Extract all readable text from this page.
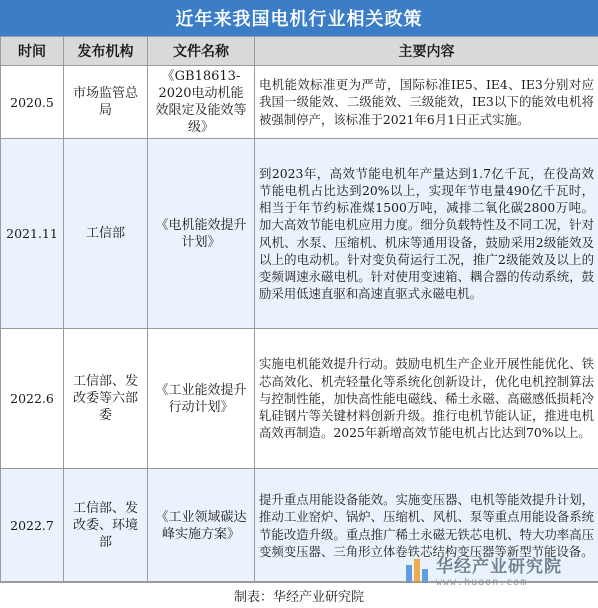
近年来我国电机行业相关政策
时间	发布机构	文件名称	主要内容
2020.5	市场监管总局	《GB18613-2020电动机能效限定及能效等级》	电机能效标准更为严苛，国际标准IE5、IE4、IE3分别对应我国一级能效、二级能效、三级能效，IE3以下的能效电机将被强制停产，该标准于2021年6月1日正式实施。
2021.11	工信部	《电机能效提升计划》	到2023年，高效节能电机年产量达到1.7亿千瓦，在役高效节能电机占比达到20%以上，实现年节电量490亿千瓦时，相当于年节约标准煤1500万吨，减排二氧化碳2800万吨。加大高效节能电机应用力度。细分负载特性及不同工况，针对风机、水泵、压缩机、机床等通用设备，鼓励采用2级能效及以上的电动机。针对变负荷运行工况，推广2级能效及以上的变频调速永磁电机。针对使用变速箱、耦合器的传动系统，鼓励采用低速直驱和高速直驱式永磁电机。
2022.6	工信部、发改委等六部委	《工业能效提升行动计划》	实施电机能效提升行动。鼓励电机生产企业开展性能优化、铁芯高效化、机壳轻量化等系统化创新设计，优化电机控制算法与控制性能，加快高性能电磁线、稀土永磁、高磁感低损耗冷轧硅钢片等关键材料创新升级。推行电机节能认证，推进电机高效再制造。2025年新增高效节能电机占比达到70%以上。
2022.7	工信部、发改委、环境部	《工业领域碳达峰实施方案》	提升重点用能设备能效。实施变压器、电机等能效提升计划，推动工业窑炉、锅炉、压缩机、风机、泵等重点用能设备系统节能改造升级。重点推广稀土永磁无铁芯电机、特大功率高压变频变压器、三角形立体卷铁芯结构变压器等新型节能设备。
华经产业研究院
www.huaon.com
制表：华经产业研究院
